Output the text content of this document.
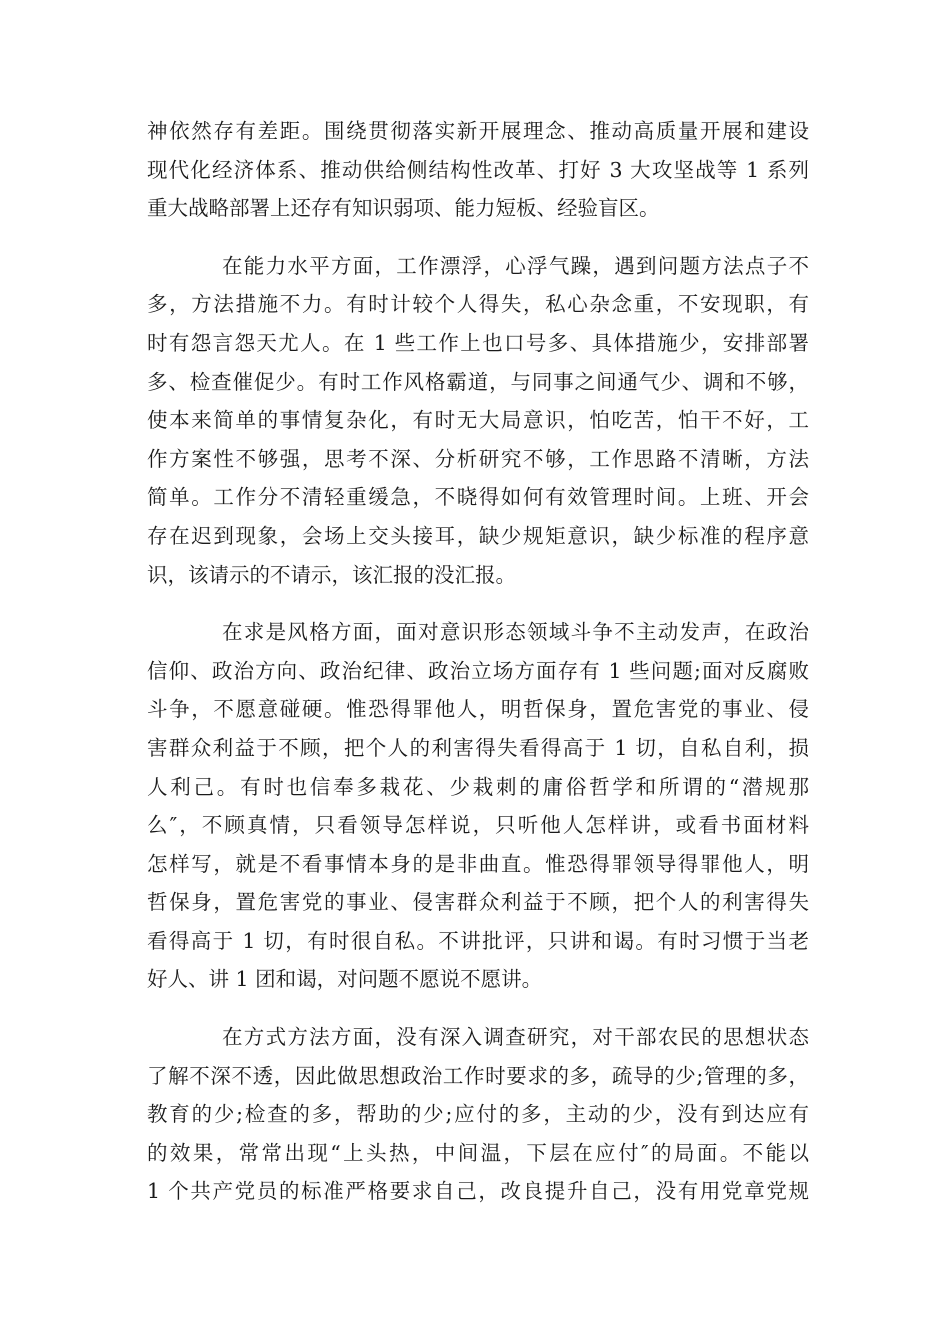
神依然存有差距。围绕贯彻落实新开展理念、推动高质量开展和建设
现代化经济体系、推动供给侧结构性改革、打好 3 大攻坚战等 1 系列
重大战略部署上还存有知识弱项、能力短板、经验盲区。
在能力水平方面，工作漂浮，心浮气躁，遇到问题方法点子不
多，方法措施不力。有时计较个人得失，私心杂念重，不安现职，有
时有怨言怨天尤人。在 1 些工作上也口号多、具体措施少，安排部署
多、检查催促少。有时工作风格霸道，与同事之间通气少、调和不够，
使本来简单的事情复杂化，有时无大局意识，怕吃苦，怕干不好，工
作方案性不够强，思考不深、分析研究不够，工作思路不清晰，方法
简单。工作分不清轻重缓急，不晓得如何有效管理时间。上班、开会
存在迟到现象，会场上交头接耳，缺少规矩意识，缺少标准的程序意
识，该请示的不请示，该汇报的没汇报。
在求是风格方面，面对意识形态领域斗争不主动发声，在政治
信仰、政治方向、政治纪律、政治立场方面存有 1 些问题;面对反腐败
斗争，不愿意碰硬。惟恐得罪他人，明哲保身，置危害党的事业、侵
害群众利益于不顾，把个人的利害得失看得高于 1 切，自私自利，损
人利己。有时也信奉多栽花、少栽刺的庸俗哲学和所谓的“潜规那
么″，不顾真情，只看领导怎样说，只听他人怎样讲，或看书面材料
怎样写，就是不看事情本身的是非曲直。惟恐得罪领导得罪他人，明
哲保身，置危害党的事业、侵害群众利益于不顾，把个人的利害得失
看得高于 1 切，有时很自私。不讲批评，只讲和谒。有时习惯于当老
好人、讲 1 团和谒，对问题不愿说不愿讲。
在方式方法方面，没有深入调查研究，对干部农民的思想状态
了解不深不透，因此做思想政治工作时要求的多，疏导的少;管理的多，
教育的少;检查的多，帮助的少;应付的多，主动的少，没有到达应有
的效果，常常出现“上头热，中间温，下层在应付″的局面。不能以
1 个共产党员的标准严格要求自己，改良提升自己，没有用党章党规
